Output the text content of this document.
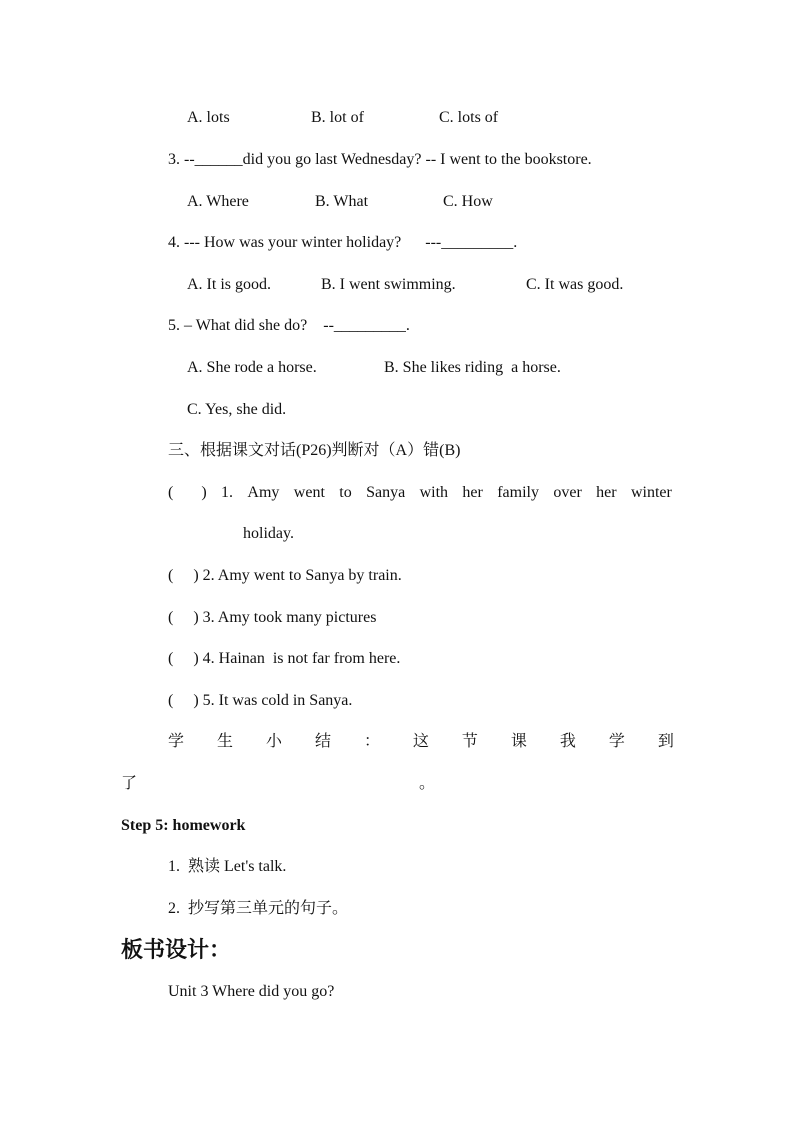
A. lots	B. lot of	C. lots of
3. --______did you go last Wednesday? -- I went to the bookstore.
A. Where	B. What	C. How
4. --- How was your winter holiday?      ---_________.
A. It is good.	B. I went swimming.	C. It was good.
5. – What did she do?    --_________.
A. She rode a horse.	B. She likes riding  a horse.
C. Yes, she did.
三、根据课文对话(P26)判断对（A）错(B)
(       ) 1. Amy went to Sanya with her family over her winter
holiday.
(     ) 2. Amy went to Sanya by train.
(     ) 3. Amy took many pictures
(     ) 4. Hainan  is not far from here.
(     ) 5. It was cold in Sanya.
学 生 小 结 ： 这 节 课 我 学 到
了	。
Step 5: homework
1.  熟读 Let's talk.
2.  抄写第三单元的句子。
板书设计：
Unit 3 Where did you go?
